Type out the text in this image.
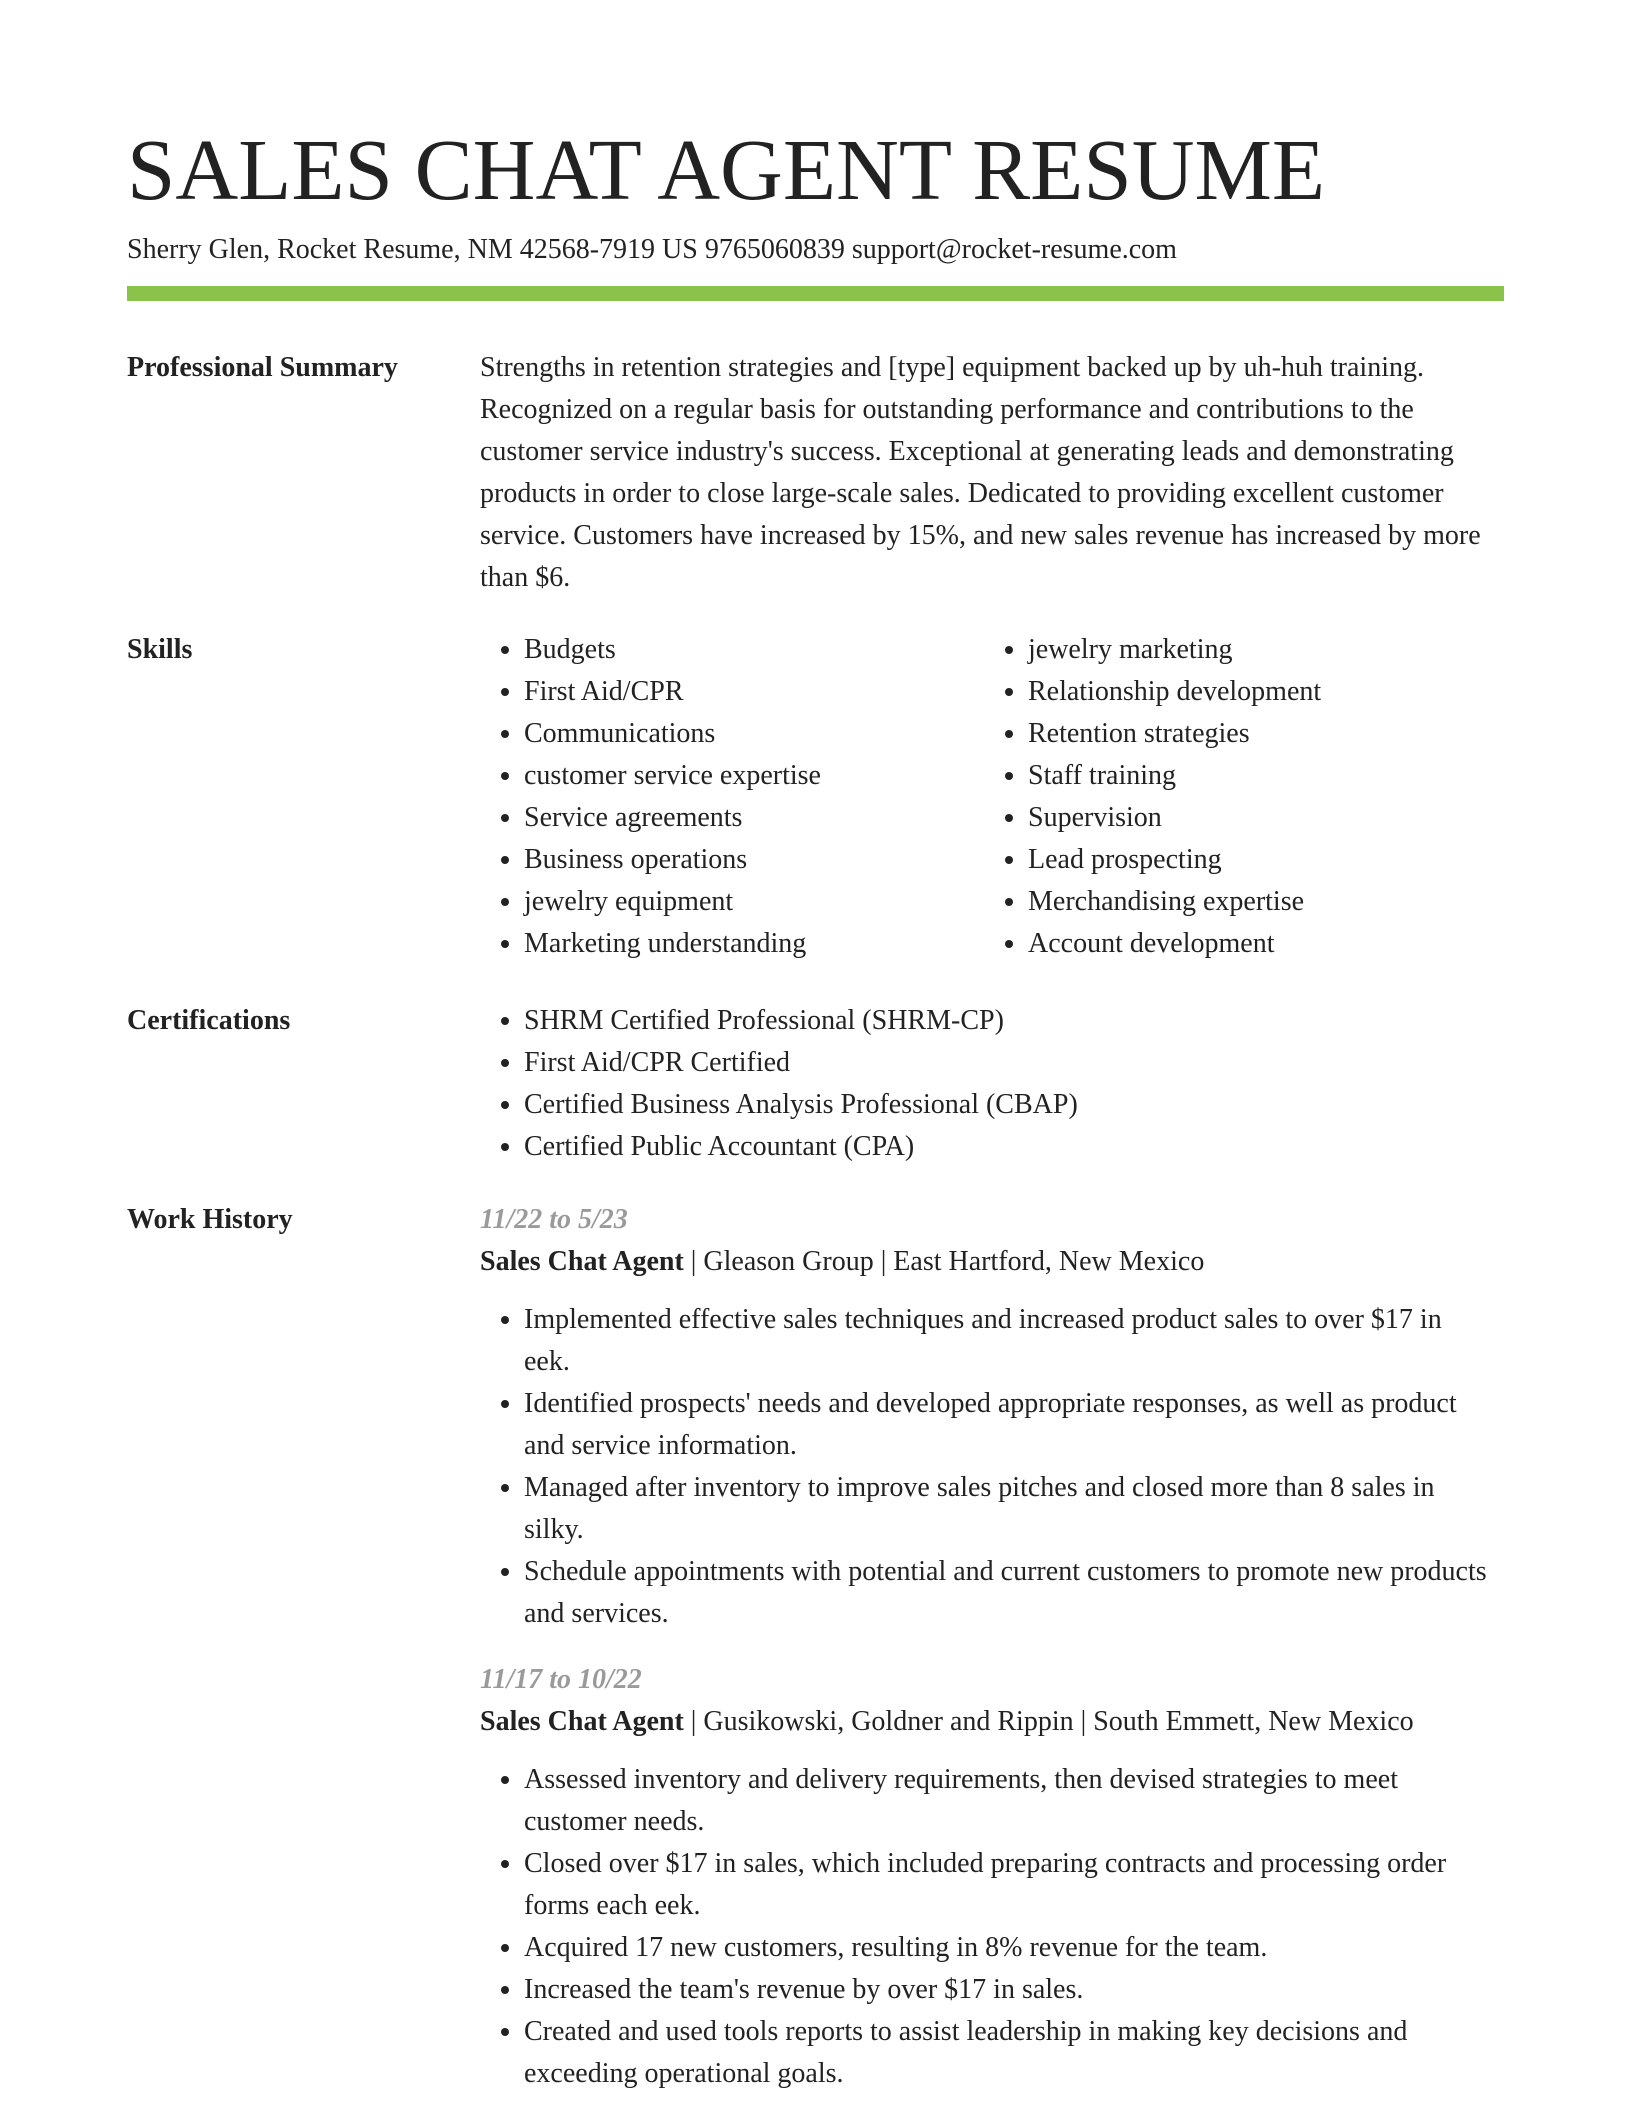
SALES CHAT AGENT RESUME
Sherry Glen, Rocket Resume, NM 42568-7919 US 9765060839 support@rocket-resume.com
Professional Summary	Strengths in retention strategies and [type] equipment backed up by uh-huh training. Recognized on a regular basis for outstanding performance and contributions to the customer service industry's success. Exceptional at generating leads and demonstrating products in order to close large-scale sales. Dedicated to providing excellent customer service. Customers have increased by 15%, and new sales revenue has increased by more than $6.

Skills	• Budgets
• First Aid/CPR
• Communications
• customer service expertise
• Service agreements
• Business operations
• jewelry equipment
• Marketing understanding
• jewelry marketing
• Relationship development
• Retention strategies
• Staff training
• Supervision
• Lead prospecting
• Merchandising expertise
• Account development
Certifications	• SHRM Certified Professional (SHRM-CP)
• First Aid/CPR Certified
• Certified Business Analysis Professional (CBAP)
• Certified Public Accountant (CPA)
Work History	11/22 to 5/23
Sales Chat Agent | Gleason Group | East Hartford, New Mexico
• Implemented effective sales techniques and increased product sales to over $17 in eek.
• Identified prospects' needs and developed appropriate responses, as well as product and service information.
• Managed after inventory to improve sales pitches and closed more than 8 sales in silky.
• Schedule appointments with potential and current customers to promote new products and services.
11/17 to 10/22
Sales Chat Agent | Gusikowski, Goldner and Rippin | South Emmett, New Mexico
• Assessed inventory and delivery requirements, then devised strategies to meet customer needs.
• Closed over $17 in sales, which included preparing contracts and processing order forms each eek.
• Acquired 17 new customers, resulting in 8% revenue for the team.
• Increased the team's revenue by over $17 in sales.
• Created and used tools reports to assist leadership in making key decisions and exceeding operational goals.
